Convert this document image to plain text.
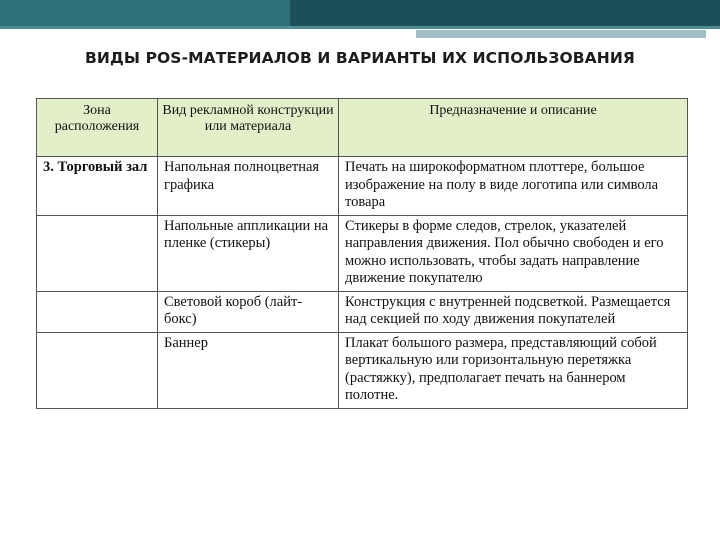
ВИДЫ POS-МАТЕРИАЛОВ И ВАРИАНТЫ ИХ ИСПОЛЬЗОВАНИЯ
Зона расположения	Вид рекламной конструкции или материала	Предназначение и описание
3. Торговый зал	Напольная полноцветная графика	Печать на широкоформатном плоттере, большое изображение на полу в виде логотипа или символа товара
	Напольные аппликации на пленке (стикеры)	Стикеры в форме следов, стрелок, указателей направления движения. Пол обычно свободен и его можно использовать, чтобы задать направление движение покупателю
	Световой короб (лайт-бокс)	Конструкция с внутренней подсветкой. Размещается над секцией по ходу движения покупателей
	Баннер	Плакат большого размера, представляющий собой вертикальную или горизонтальную перетяжка (растяжку), предполагает печать на баннером полотне.
